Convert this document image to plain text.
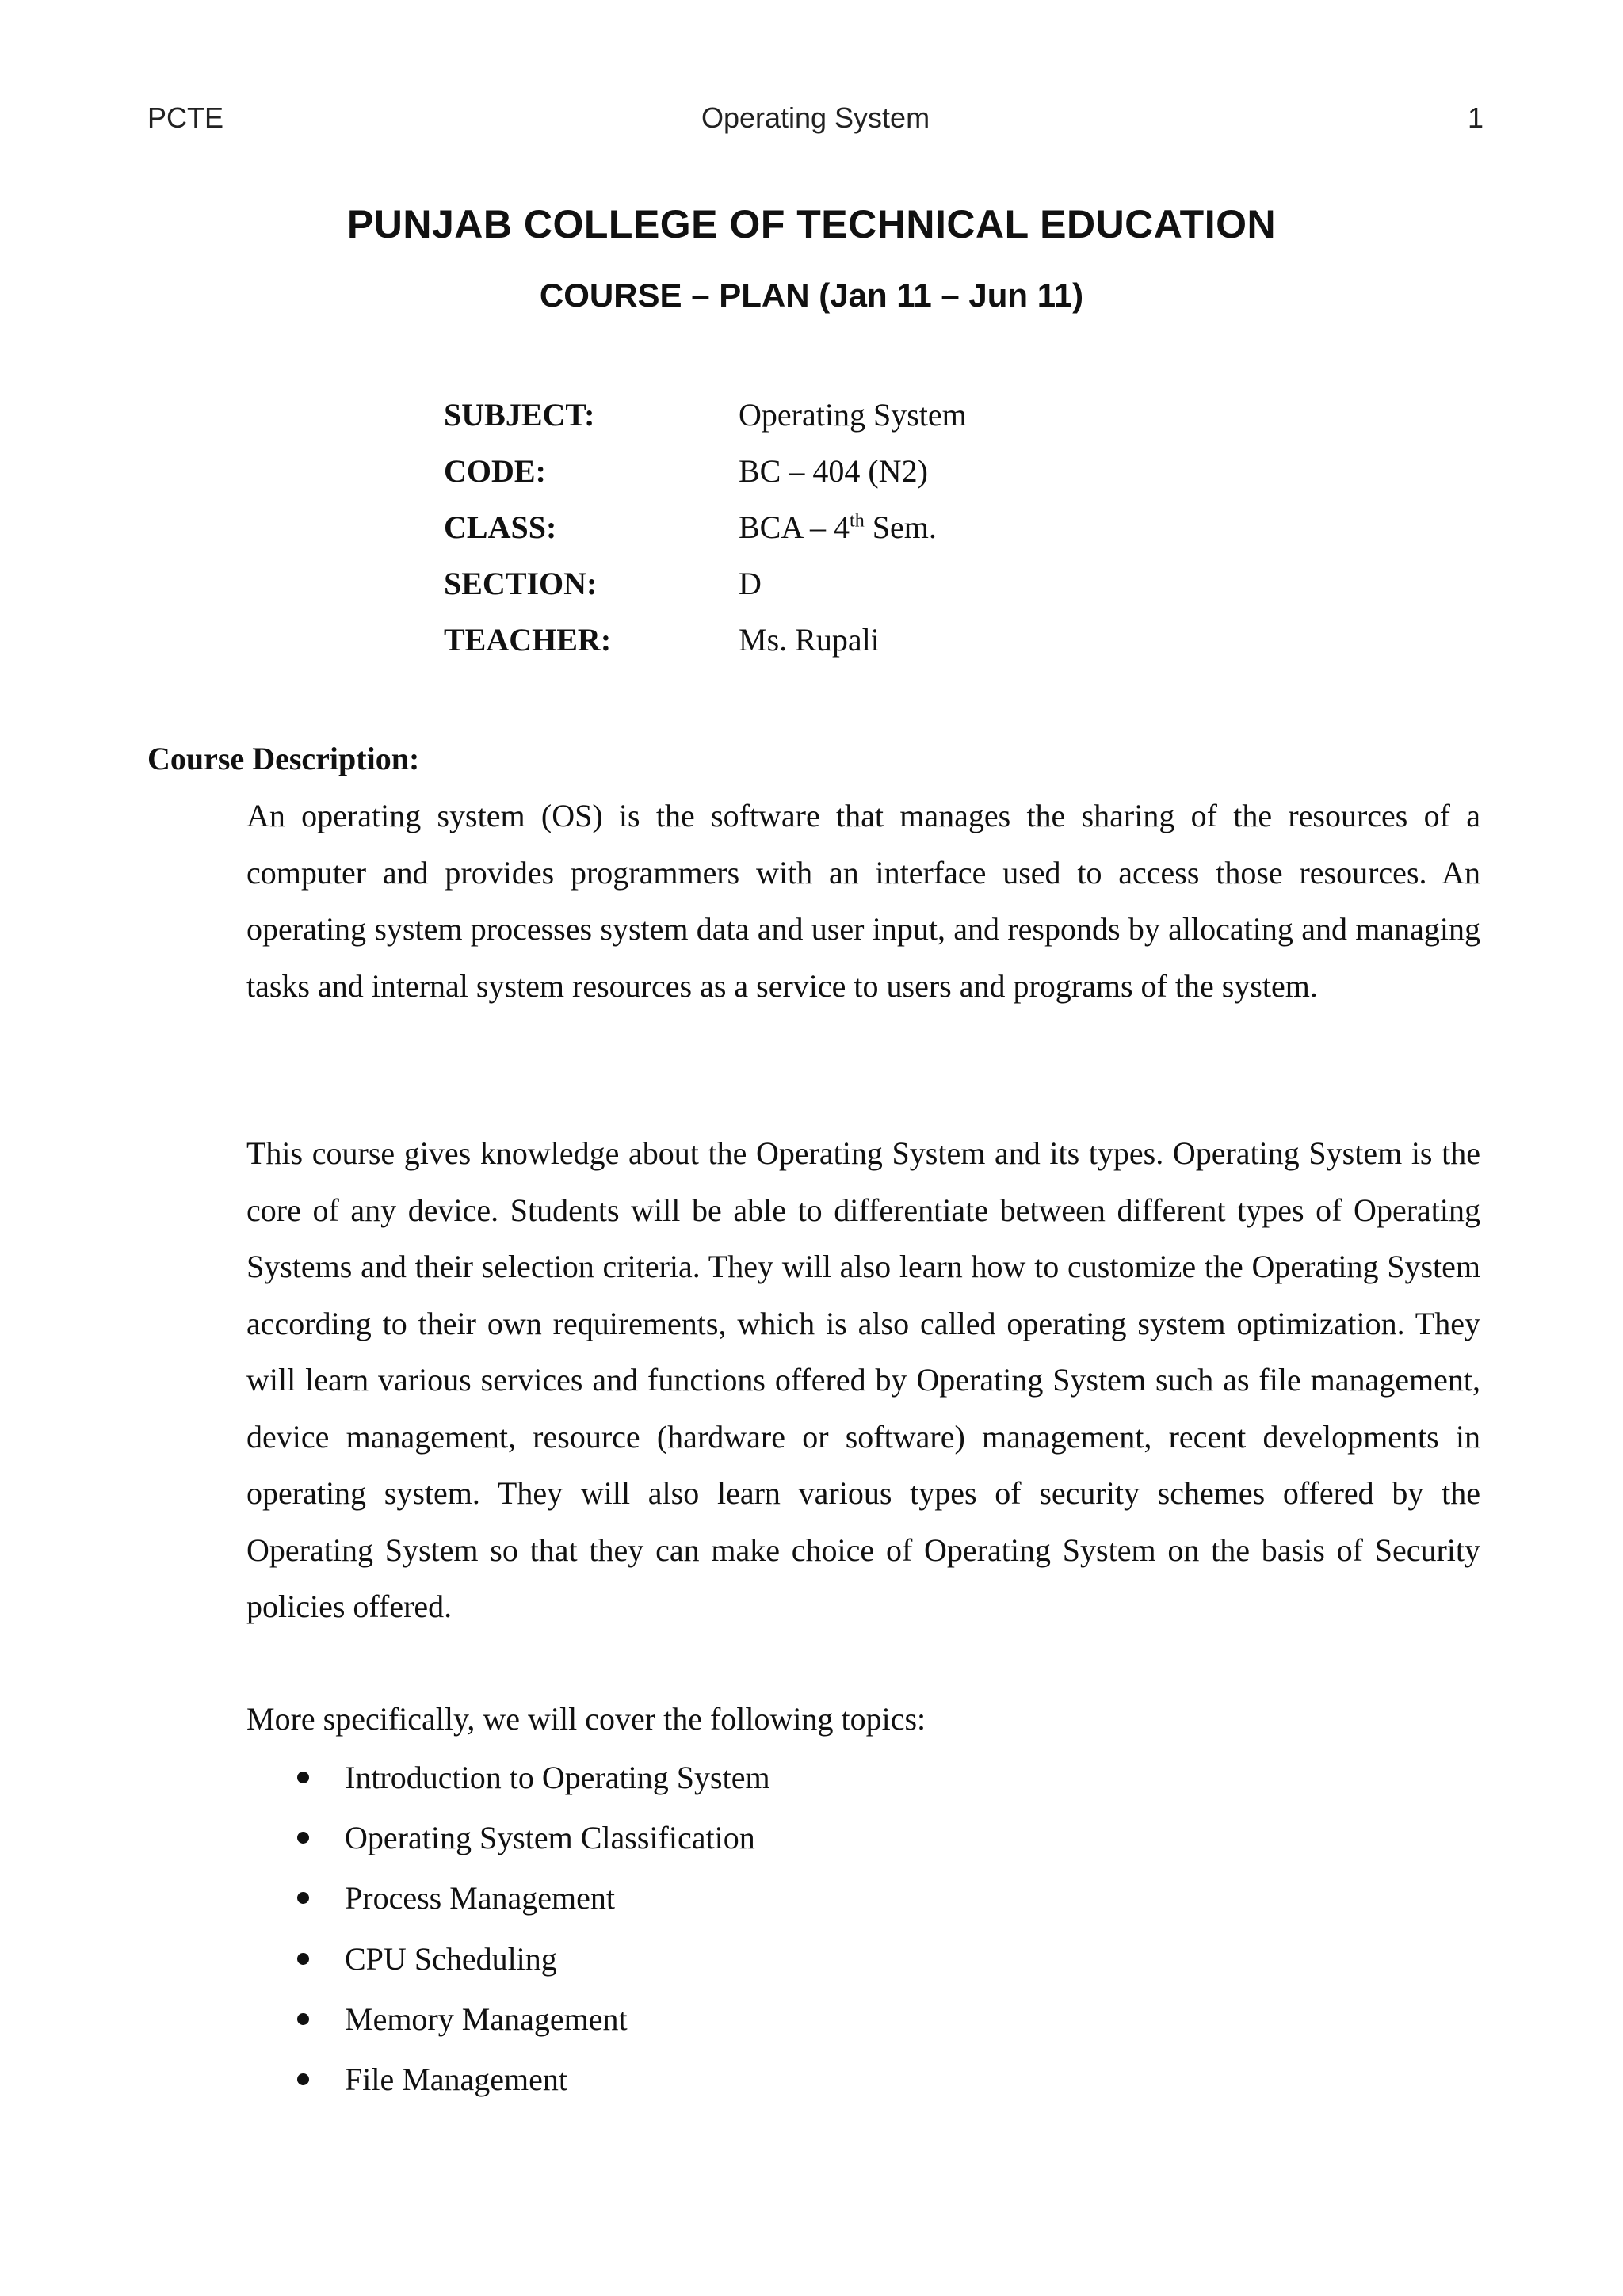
PCTE	Operating System	1
PUNJAB COLLEGE OF TECHNICAL EDUCATION
COURSE – PLAN (Jan 11 – Jun 11)
SUBJECT:	Operating System
CODE:	BC – 404 (N2)
CLASS:	BCA – 4th Sem.
SECTION:	D
TEACHER:	Ms. Rupali
Course Description:

An operating system (OS) is the software that manages the sharing of the resources of a computer and provides programmers with an interface used to access those resources. An operating system processes system data and user input, and responds by allocating and managing tasks and internal system resources as a service to users and programs of the system.

This course gives knowledge about the Operating System and its types. Operating System is the core of any device. Students will be able to differentiate between different types of Operating Systems and their selection criteria. They will also learn how to customize the Operating System according to their own requirements, which is also called operating system optimization. They will learn various services and functions offered by Operating System such as file management, device management, resource (hardware or software) management, recent developments in operating system. They will also learn various types of security schemes offered by the Operating System so that they can make choice of Operating System on the basis of Security policies offered.

More specifically, we will cover the following topics:

Introduction to Operating System
Operating System Classification
Process Management
CPU Scheduling
Memory Management
File Management
